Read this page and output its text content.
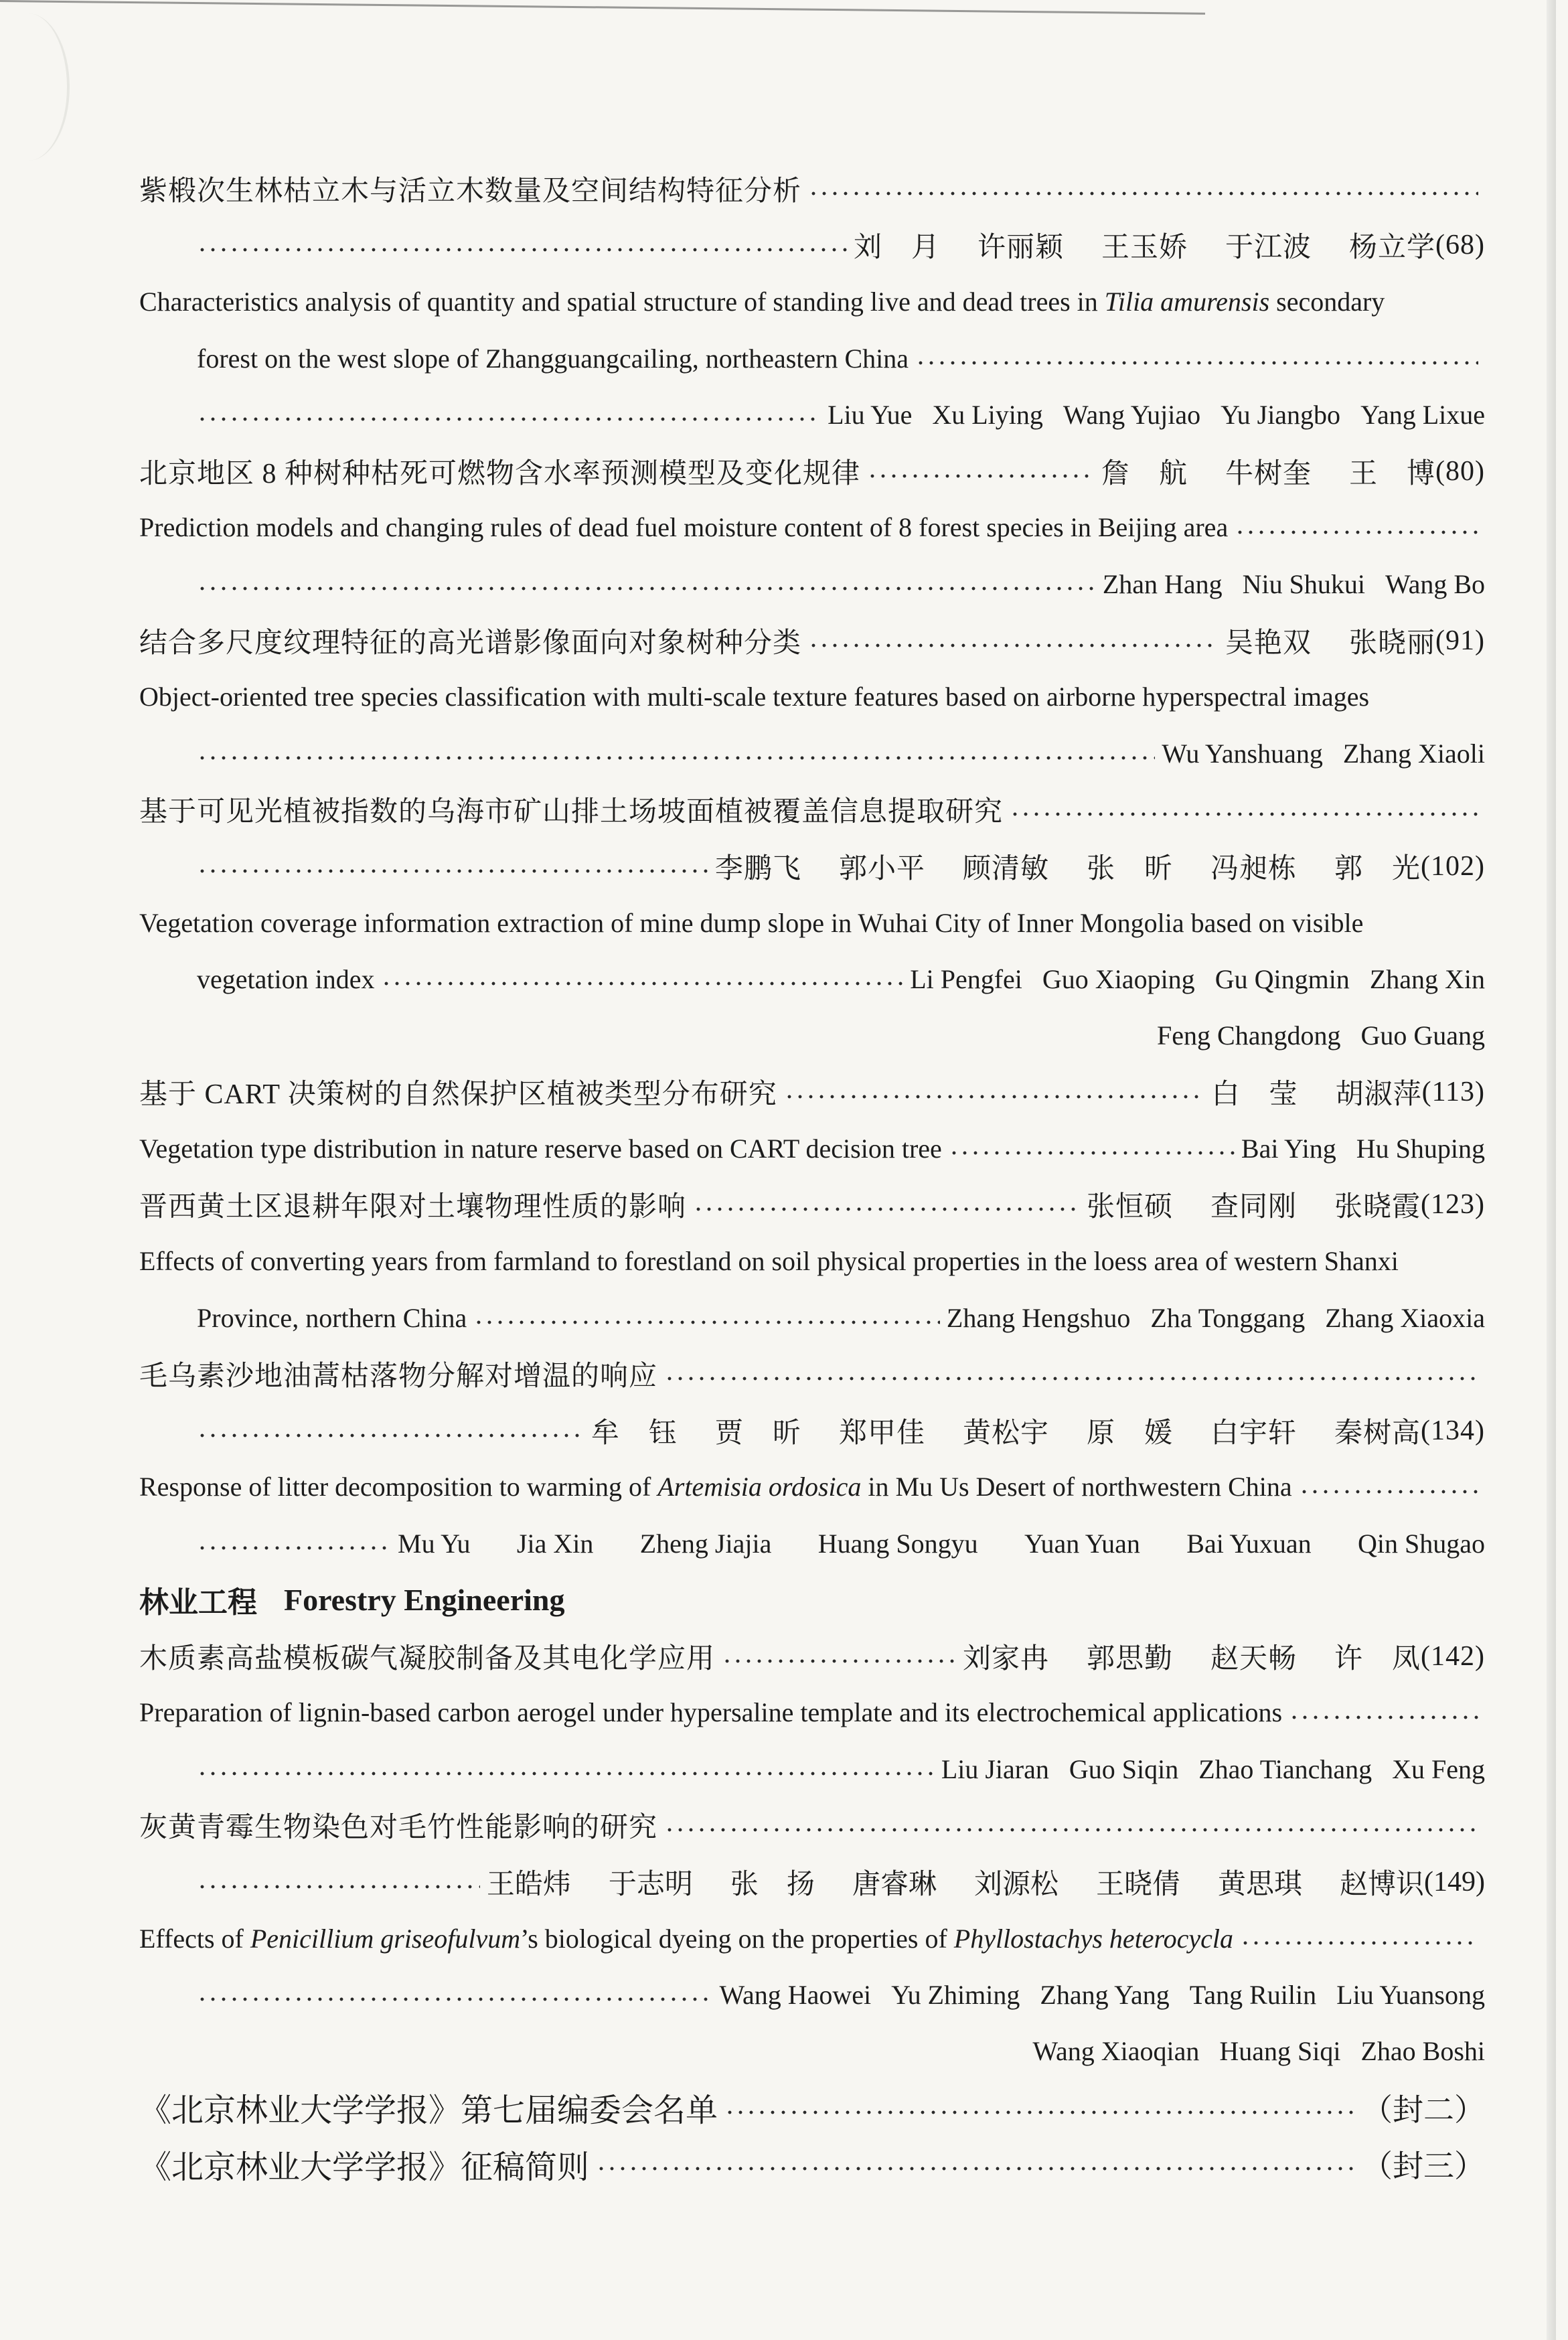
紫椴次生林枯立木与活立木数量及空间结构特征分析
刘　月 许丽颖 王玉娇 于江波 杨立学 (68)
Characteristics analysis of quantity and spatial structure of standing live and dead trees in Tilia amurensis secondary
forest on the west slope of Zhangguangcailing, northeastern China
Liu Yue Xu Liying Wang Yujiao Yu Jiangbo Yang Lixue
北京地区 8 种树种枯死可燃物含水率预测模型及变化规律	詹　航 牛树奎 王　博 (80)
Prediction models and changing rules of dead fuel moisture content of 8 forest species in Beijing area
Zhan Hang Niu Shukui Wang Bo
结合多尺度纹理特征的高光谱影像面向对象树种分类	吴艳双 张晓丽 (91)
Object-oriented tree species classification with multi-scale texture features based on airborne hyperspectral images
Wu Yanshuang Zhang Xiaoli
基于可见光植被指数的乌海市矿山排土场坡面植被覆盖信息提取研究
李鹏飞 郭小平 顾清敏 张　昕 冯昶栋 郭　光 (102)
Vegetation coverage information extraction of mine dump slope in Wuhai City of Inner Mongolia based on visible
vegetation index	Li Pengfei Guo Xiaoping Gu Qingmin Zhang Xin
Feng Changdong Guo Guang
基于 CART 决策树的自然保护区植被类型分布研究	白　莹 胡淑萍 (113)
Vegetation type distribution in nature reserve based on CART decision tree	Bai Ying Hu Shuping
晋西黄土区退耕年限对土壤物理性质的影响	张恒硕 查同刚 张晓霞 (123)
Effects of converting years from farmland to forestland on soil physical properties in the loess area of western Shanxi
Province, northern China	Zhang Hengshuo Zha Tonggang Zhang Xiaoxia
毛乌素沙地油蒿枯落物分解对增温的响应
牟　钰 贾　昕 郑甲佳 黄松宇 原　媛 白宇轩 秦树高 (134)
Response of litter decomposition to warming of Artemisia ordosica in Mu Us Desert of northwestern China
Mu Yu Jia Xin Zheng Jiajia Huang Songyu Yuan Yuan Bai Yuxuan Qin Shugao
林业工程 Forestry Engineering
木质素高盐模板碳气凝胶制备及其电化学应用	刘家冉 郭思勤 赵天畅 许　凤 (142)
Preparation of lignin-based carbon aerogel under hypersaline template and its electrochemical applications
Liu Jiaran Guo Siqin Zhao Tianchang Xu Feng
灰黄青霉生物染色对毛竹性能影响的研究
王皓炜 于志明 张　扬 唐睿琳 刘源松 王晓倩 黄思琪 赵博识 (149)
Effects of Penicillium griseofulvum’s biological dyeing on the properties of Phyllostachys heterocycla
Wang Haowei Yu Zhiming Zhang Yang Tang Ruilin Liu Yuansong
Wang Xiaoqian Huang Siqi Zhao Boshi
《北京林业大学学报》第七届编委会名单	（封二）
《北京林业大学学报》征稿简则	（封三）
